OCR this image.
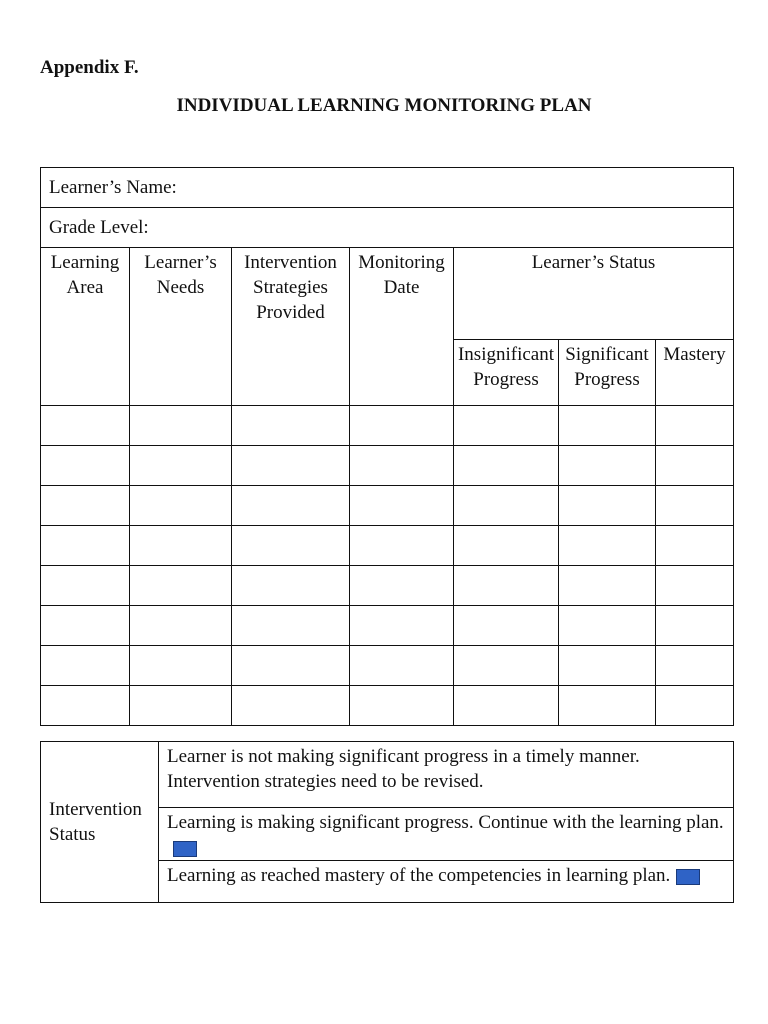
Appendix F.
INDIVIDUAL LEARNING MONITORING PLAN
Learner’s Name:						
Grade Level:						
Learning Area	Learner’s Needs	Intervention Strategies Provided	Monitoring Date	Learner’s Status		
				Insignificant Progress	Significant Progress	Mastery

Intervention Status	Learner is not making significant progress in a timely manner. Intervention strategies need to be revised.
Learning is making significant progress. Continue with the learning plan.
Learning as reached mastery of the competencies in learning plan.
